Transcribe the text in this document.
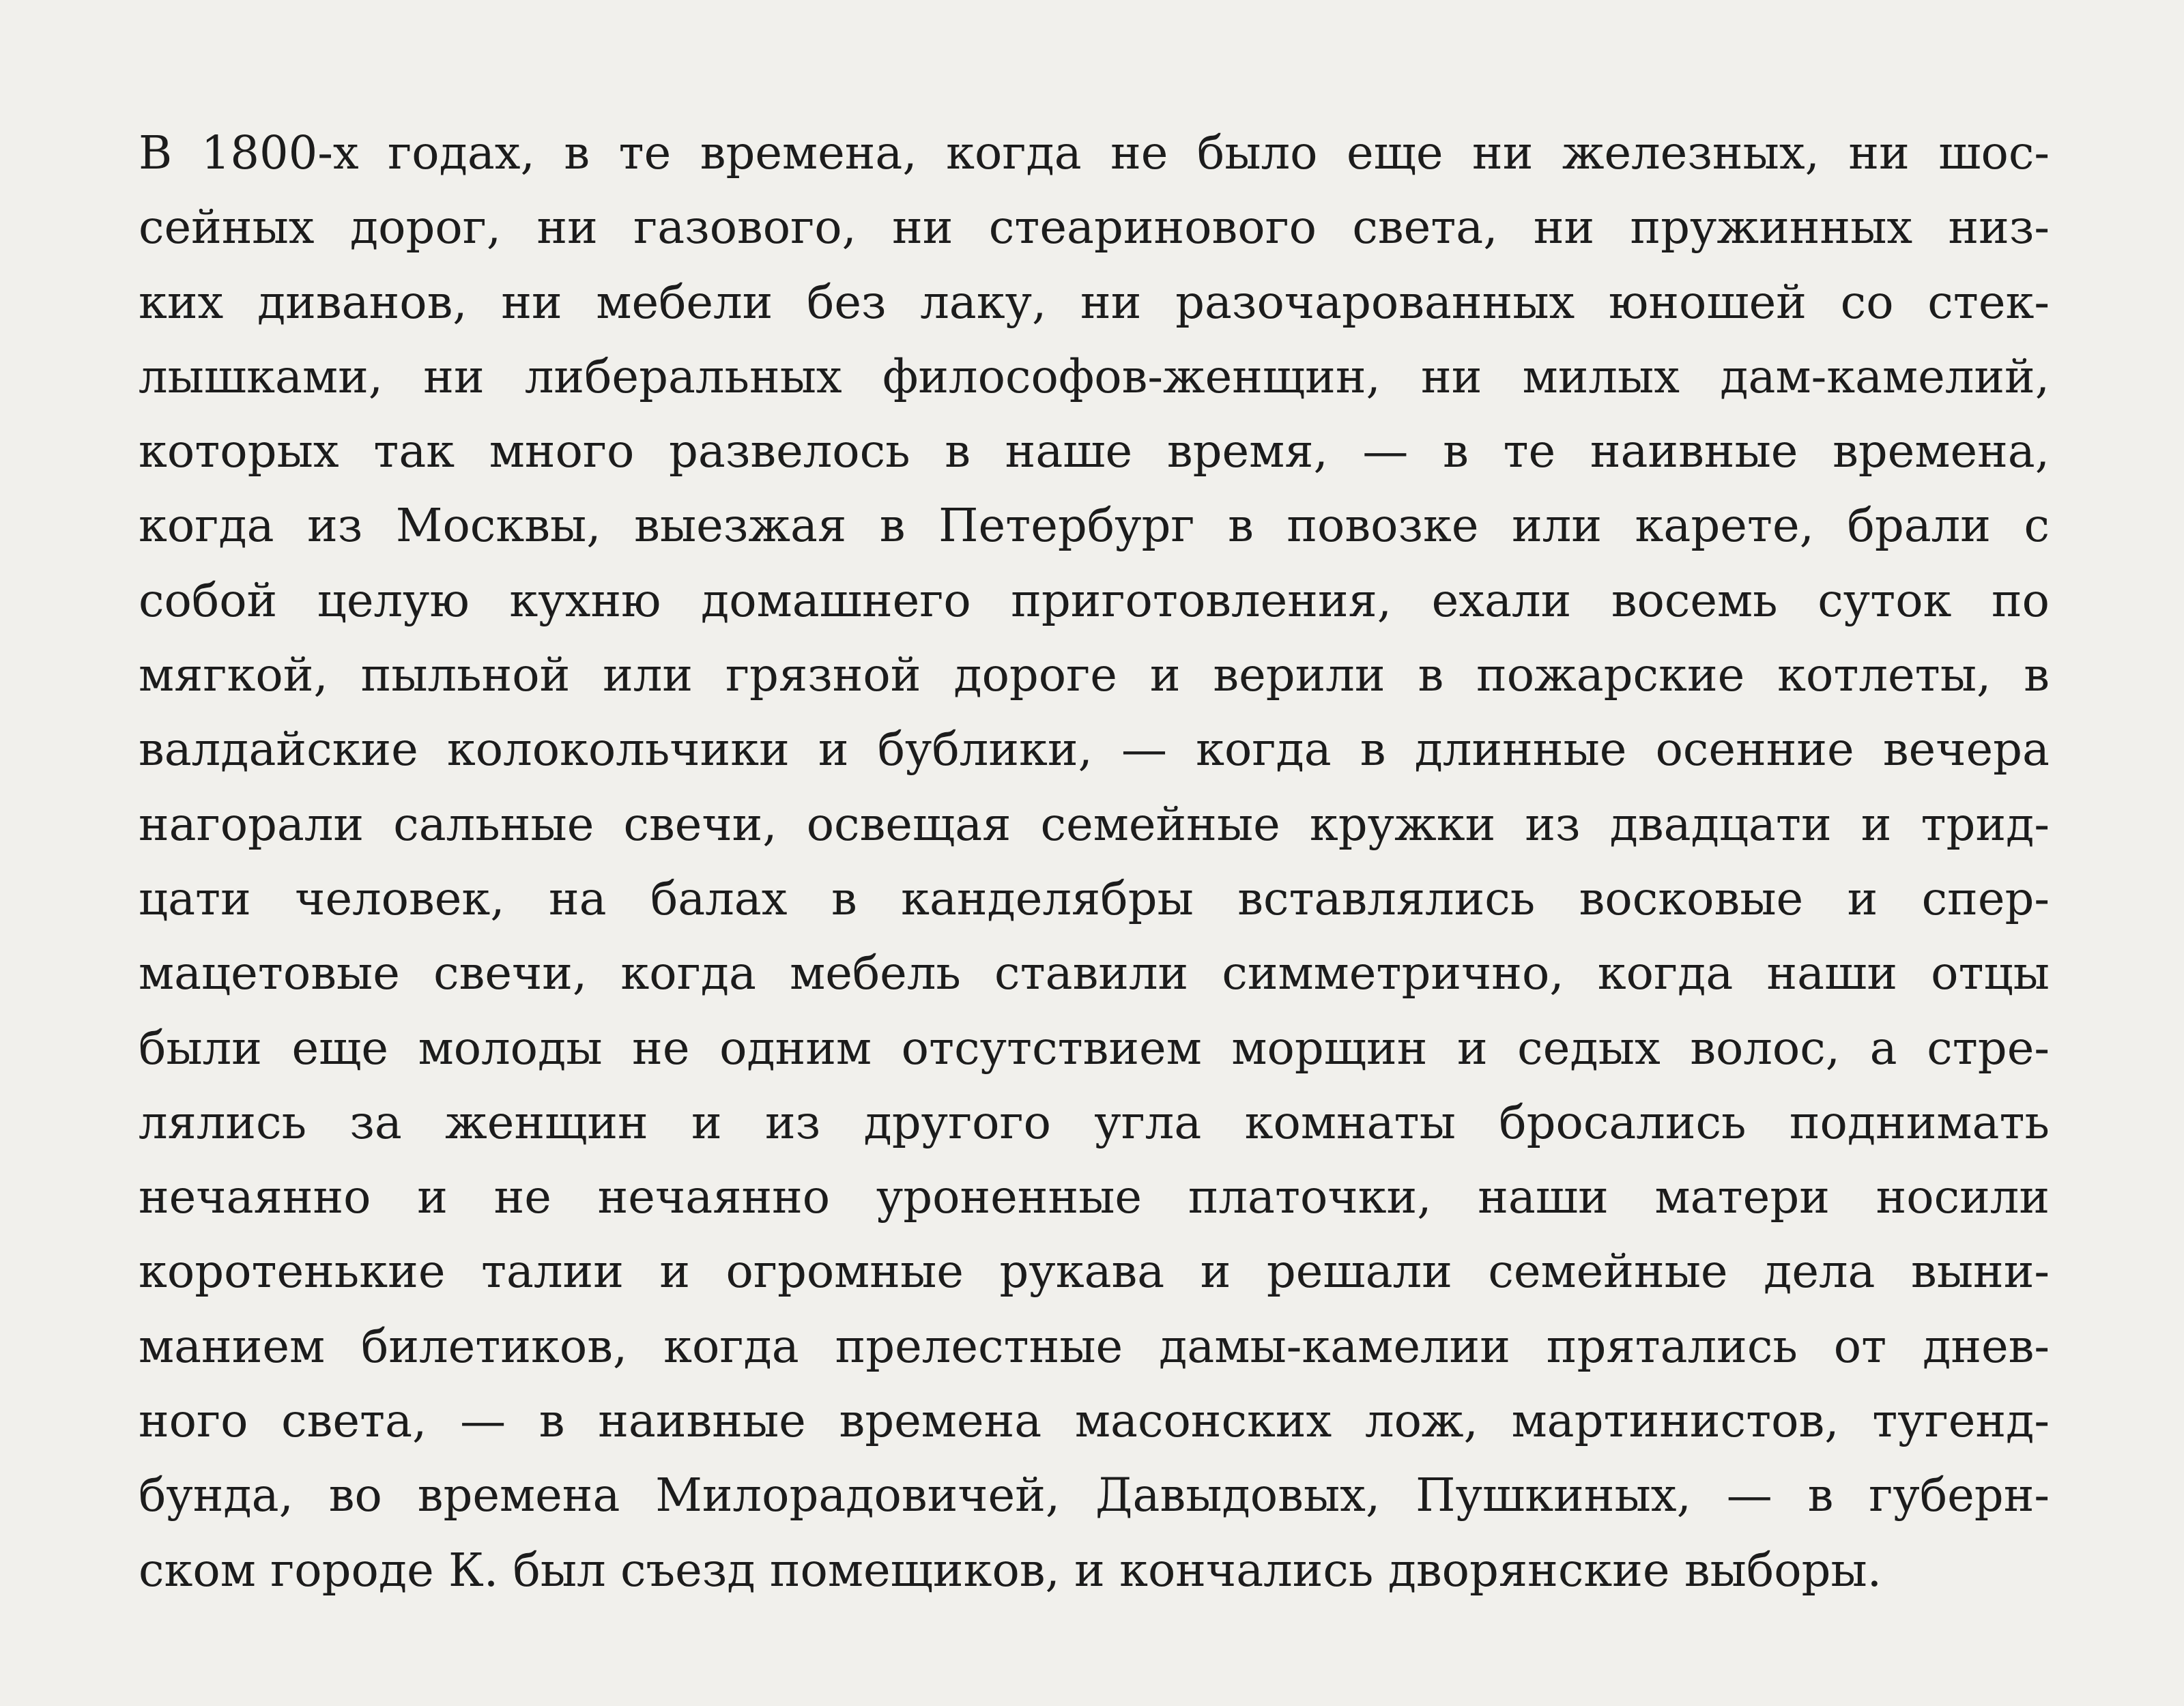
В 1800-х годах, в те времена, когда не было еще ни железных, ни шос-
сейных дорог, ни газового, ни стеаринового света, ни пружинных низ-
ких диванов, ни мебели без лаку, ни разочарованных юношей со стек-
лышками, ни либеральных философов-женщин, ни милых дам-камелий,
которых так много развелось в наше время, — в те наивные времена,
когда из Москвы, выезжая в Петербург в повозке или карете, брали с
собой целую кухню домашнего приготовления, ехали восемь суток по
мягкой, пыльной или грязной дороге и верили в пожарские котлеты, в
валдайские колокольчики и бублики, — когда в длинные осенние вечера
нагорали сальные свечи, освещая семейные кружки из двадцати и трид-
цати человек, на балах в канделябры вставлялись восковые и спер-
мацетовые свечи, когда мебель ставили симметрично, когда наши отцы
были еще молоды не одним отсутствием морщин и седых волос, а стре-
лялись за женщин и из другого угла комнаты бросались поднимать
нечаянно и не нечаянно уроненные платочки, наши матери носили
коротенькие талии и огромные рукава и решали семейные дела выни-
манием билетиков, когда прелестные дамы-камелии прятались от днев-
ного света, — в наивные времена масонских лож, мартинистов, тугенд-
бунда, во времена Милорадовичей, Давыдовых, Пушкиных, — в губерн-
ском городе К. был съезд помещиков, и кончались дворянские выборы.
